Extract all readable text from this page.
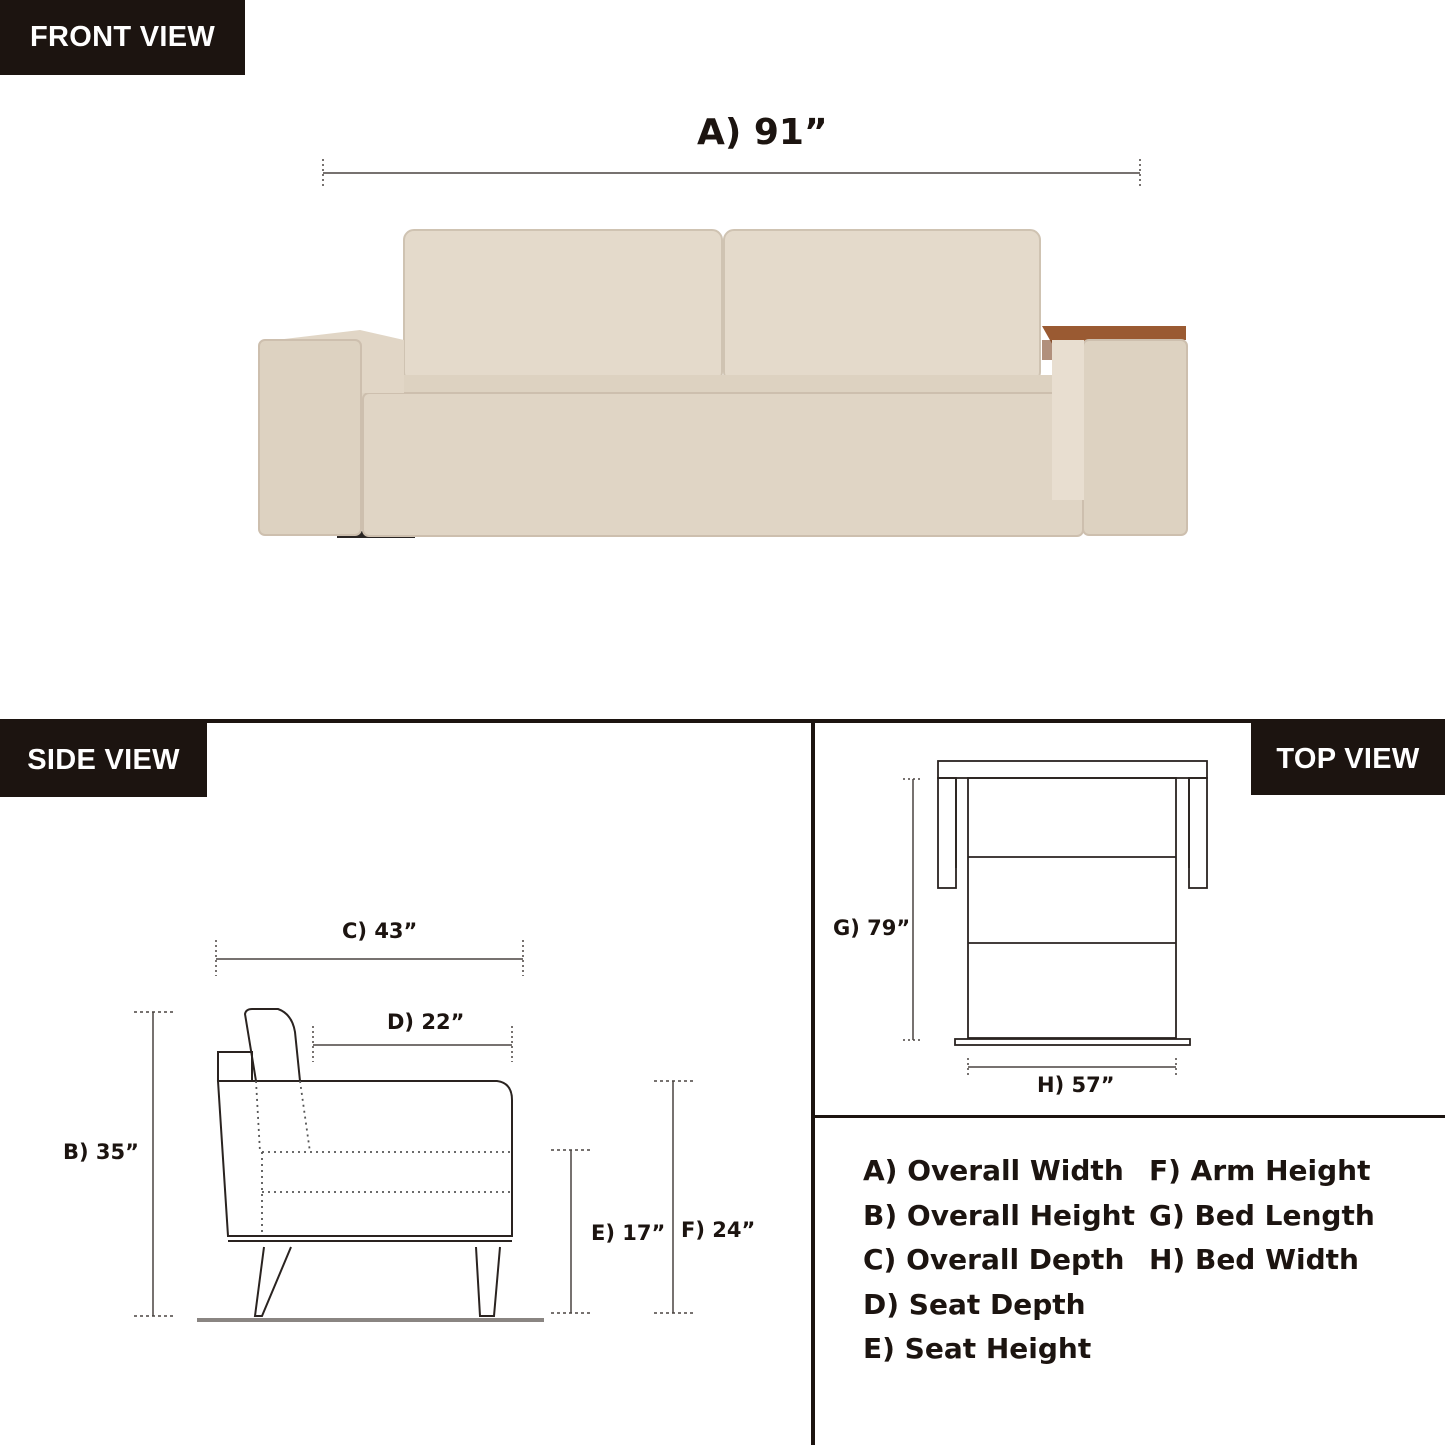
FRONT VIEW
SIDE VIEW	TOP VIEW
A) 91”
C) 43”
D) 22”
B) 35”
E) 17” F) 24”
G) 79”
H) 57”
A) Overall Width
B) Overall Height
C) Overall Depth
D) Seat Depth
E) Seat Height
F) Arm Height
G) Bed Length
H) Bed Width
